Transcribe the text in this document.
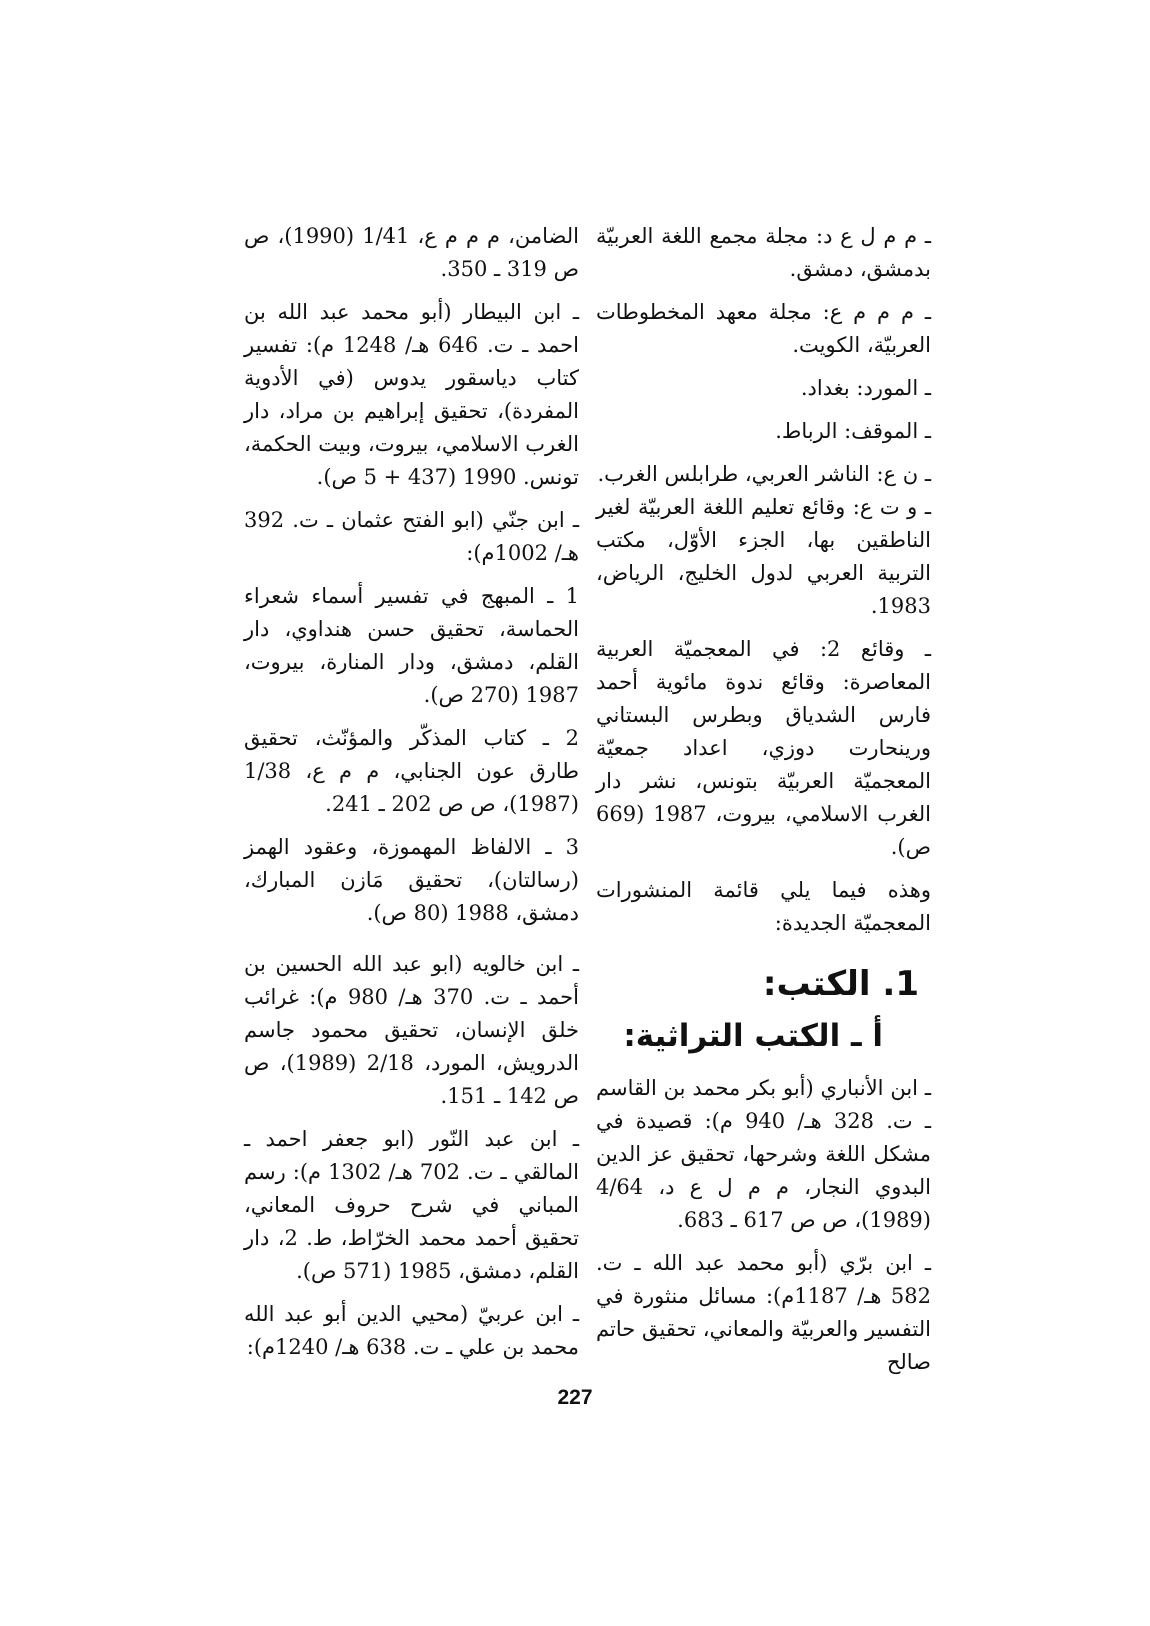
ـ م م ل ع د: مجلة مجمع اللغة العربيّة بدمشق، دمشق.

ـ م م م ع: مجلة معهد المخطوطات العربيّة، الكويت.

ـ المورد: بغداد.

ـ الموقف: الرباط.

ـ ن ع: الناشر العربي، طرابلس الغرب.

ـ و ت ع: وقائع تعليم اللغة العربيّة لغير الناطقين بها، الجزء الأوّل، مكتب التربية العربي لدول الخليج، الرياض، 1983.

ـ وقائع 2: في المعجميّة العربية المعاصرة: وقائع ندوة مائوية أحمد فارس الشدياق وبطرس البستاني ورينحارت دوزي، اعداد جمعيّة المعجميّة العربيّة بتونس، نشر دار الغرب الاسلامي، بيروت، 1987 (669 ص).

وهذه فيما يلي قائمة المنشورات المعجميّة الجديدة:

1. الكتب:
أ ـ الكتب التراثية:

ـ ابن الأنباري (أبو بكر محمد بن القاسم ـ ت. 328 هـ/ 940 م): قصيدة في مشكل اللغة وشرحها، تحقيق عز الدين البدوي النجار، م م ل ع د، 4/64 (1989)، ص ص 617 ـ 683.

ـ ابن برّي (أبو محمد عبد الله ـ ت. 582 هـ/ 1187م): مسائل منثورة في التفسير والعربيّة والمعاني، تحقيق حاتم صالح

الضامن، م م م ع، 1/41 (1990)، ص ص 319 ـ 350.

ـ ابن البيطار (أبو محمد عبد الله بن احمد ـ ت. 646 هـ/ 1248 م): تفسير كتاب دياسقور يدوس (في الأدوية المفردة)، تحقيق إبراهيم بن مراد، دار الغرب الاسلامي، بيروت، وبيت الحكمة، تونس. 1990 (437 + 5 ص).

ـ ابن جنّي (ابو الفتح عثمان ـ ت. 392 هـ/ 1002م):

1 ـ المبهج في تفسير أسماء شعراء الحماسة، تحقيق حسن هنداوي، دار القلم، دمشق، ودار المنارة، بيروت، 1987 (270 ص).

2 ـ كتاب المذكّر والمؤنّث، تحقيق طارق عون الجنابي، م م ع، 1/38 (1987)، ص ص 202 ـ 241.

3 ـ الالفاظ المهموزة، وعقود الهمز (رسالتان)، تحقيق مَازن المبارك، دمشق، 1988 (80 ص).

ـ ابن خالويه (ابو عبد الله الحسين بن أحمد ـ ت. 370 هـ/ 980 م): غرائب خلق الإنسان، تحقيق محمود جاسم الدرويش، المورد، 2/18 (1989)، ص ص 142 ـ 151.

ـ ابن عبد النّور (ابو جعفر احمد ـ المالقي ـ ت. 702 هـ/ 1302 م): رسم المباني في شرح حروف المعاني، تحقيق أحمد محمد الخرّاط، ط. 2، دار القلم، دمشق، 1985 (571 ص).

ـ ابن عربيّ (محيي الدين أبو عبد الله محمد بن علي ـ ت. 638 هـ/ 1240م):

227
